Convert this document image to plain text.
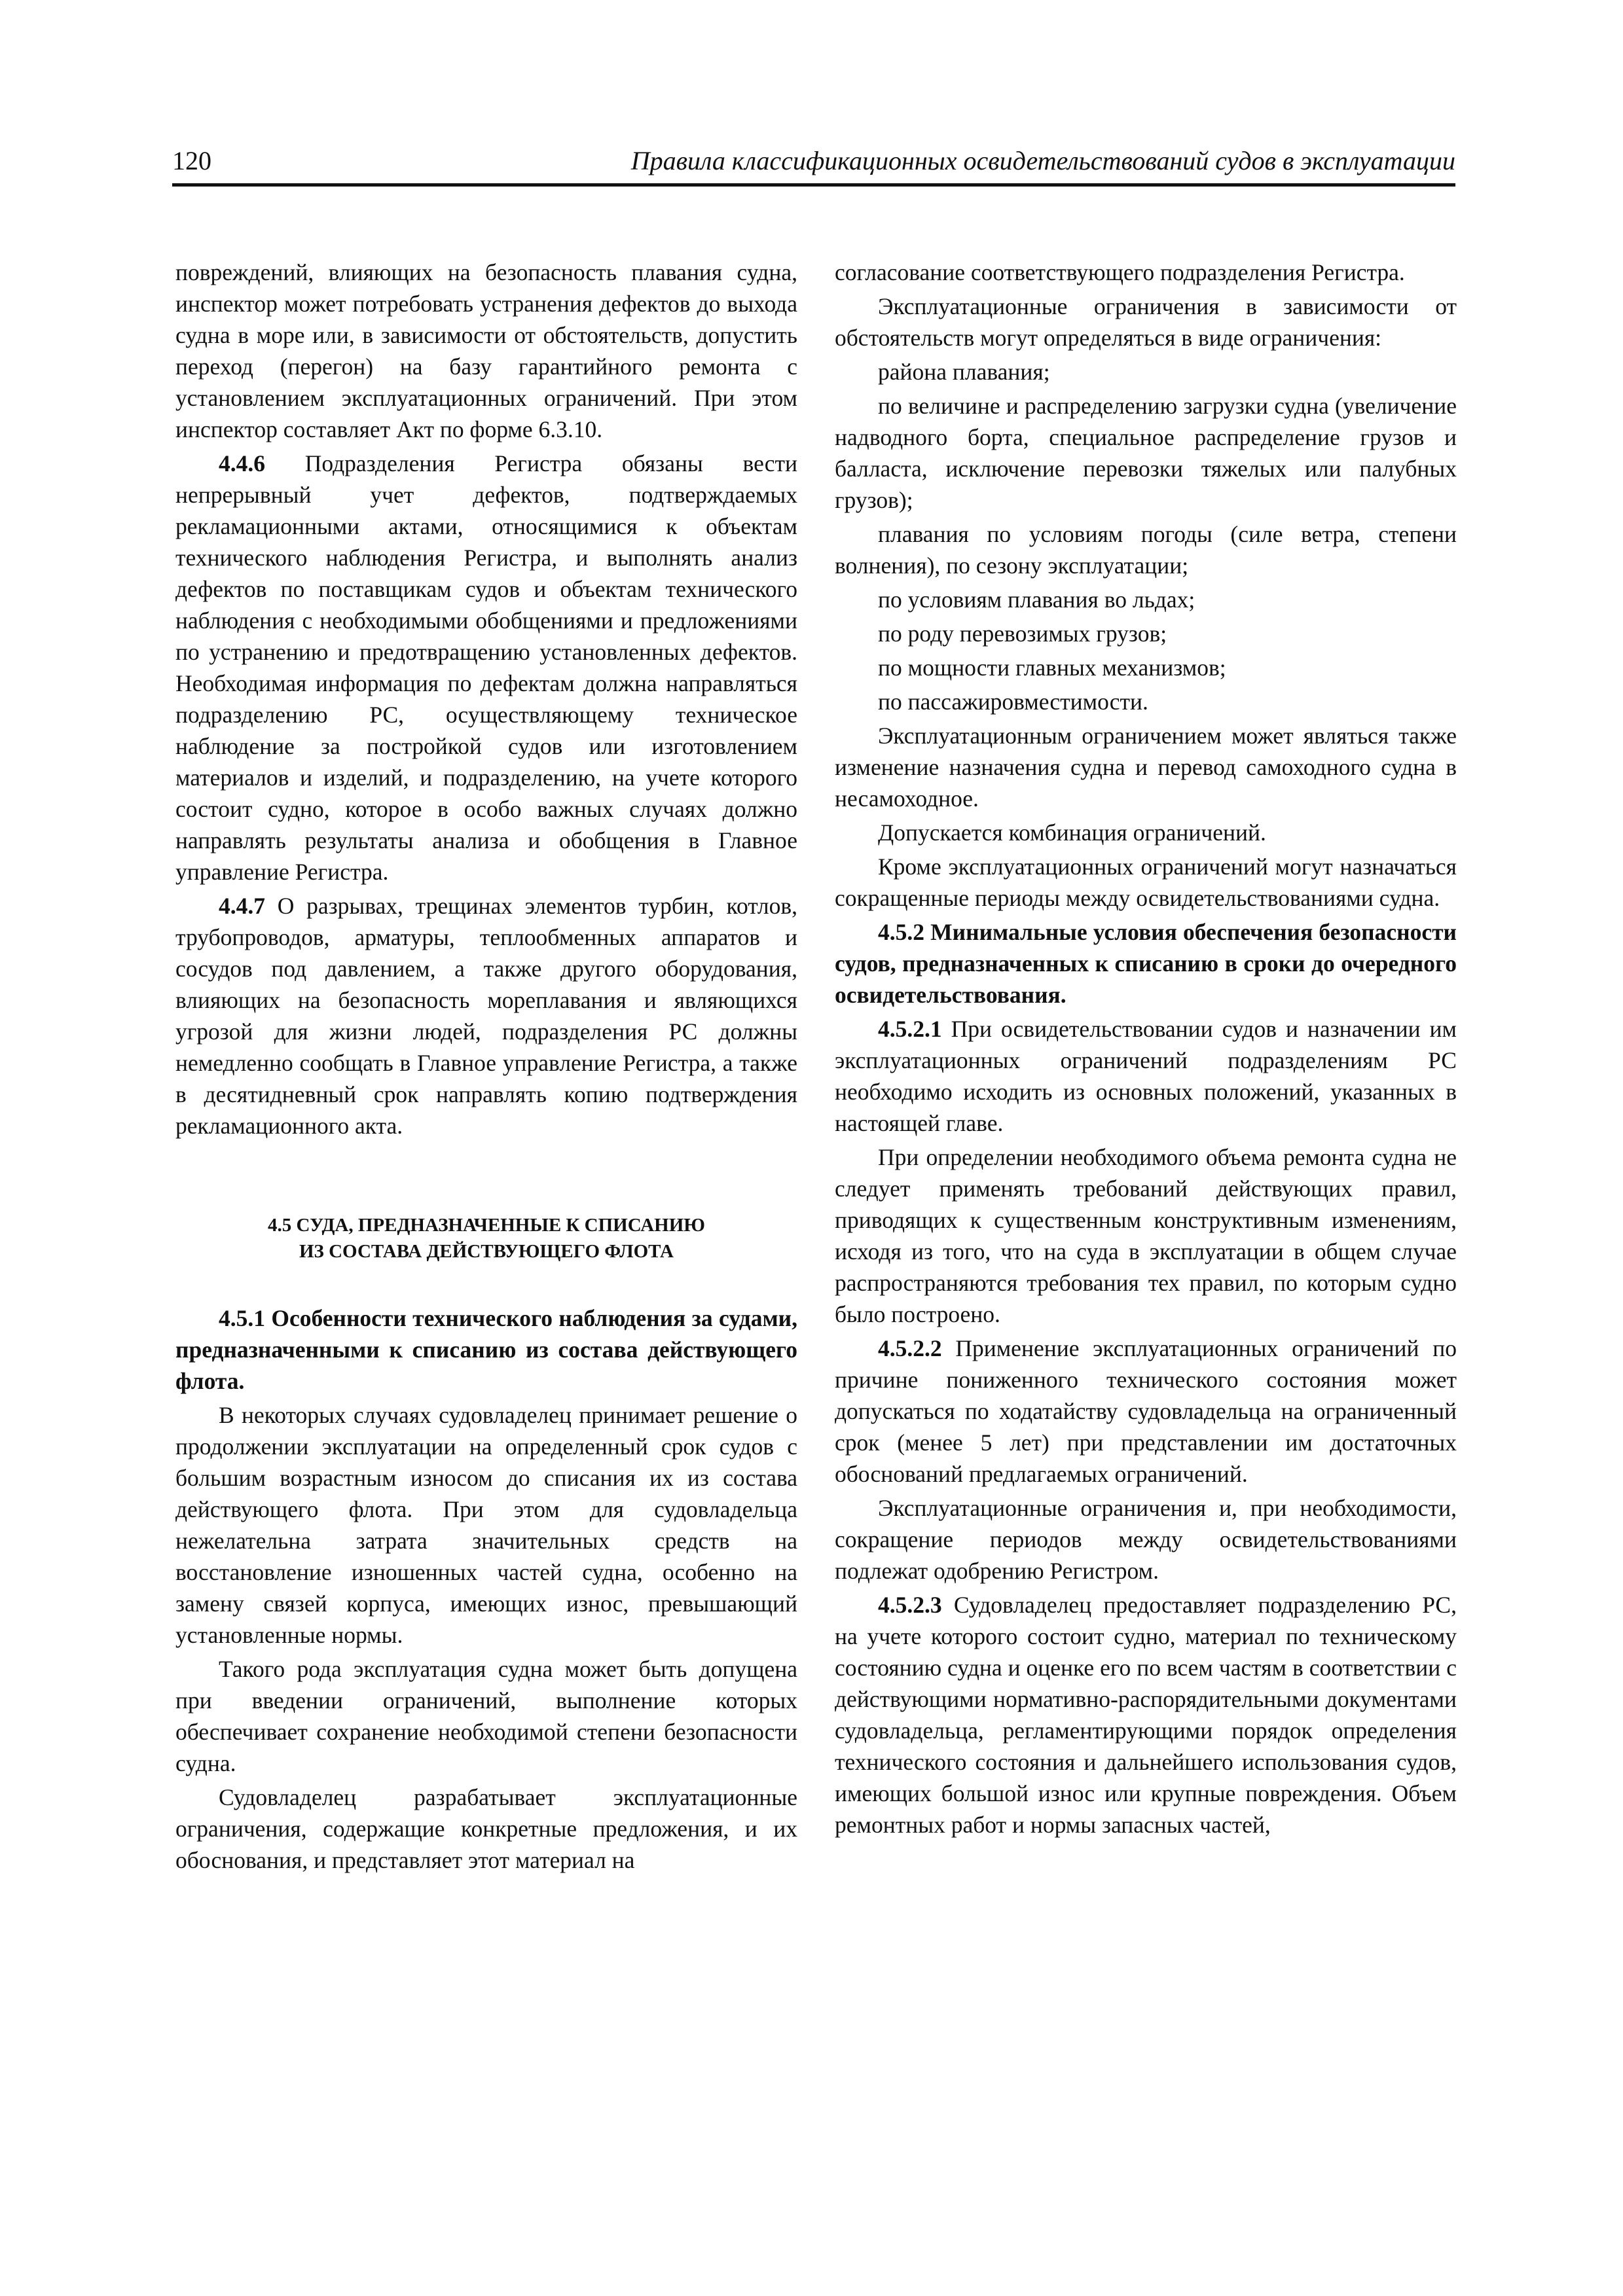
120	Правила классификационных освидетельствований судов в эксплуатации

повреждений, влияющих на безопасность плавания судна, инспектор может потребовать устранения дефектов до выхода судна в море или, в зависимости от обстоятельств, допустить переход (перегон) на базу гарантийного ремонта с установлением эксплуатационных ограничений. При этом инспектор составляет Акт по форме 6.3.10.

4.4.6 Подразделения Регистра обязаны вести непрерывный учет дефектов, подтверждаемых рекламационными актами, относящимися к объектам технического наблюдения Регистра, и выполнять анализ дефектов по поставщикам судов и объектам технического наблюдения с необходимыми обобщениями и предложениями по устранению и предотвращению установленных дефектов. Необходимая информация по дефектам должна направляться подразделению РС, осуществляющему техническое наблюдение за постройкой судов или изготовлением материалов и изделий, и подразделению, на учете которого состоит судно, которое в особо важных случаях должно направлять результаты анализа и обобщения в Главное управление Регистра.

4.4.7 О разрывах, трещинах элементов турбин, котлов, трубопроводов, арматуры, теплообменных аппаратов и сосудов под давлением, а также другого оборудования, влияющих на безопасность мореплавания и являющихся угрозой для жизни людей, подразделения РС должны немедленно сообщать в Главное управление Регистра, а также в десятидневный срок направлять копию подтверждения рекламационного акта.

4.5 СУДА, ПРЕДНАЗНАЧЕННЫЕ К СПИСАНИЮ
ИЗ СОСТАВА ДЕЙСТВУЮЩЕГО ФЛОТА

4.5.1 Особенности технического наблюдения за судами, предназначенными к списанию из состава действующего флота.

В некоторых случаях судовладелец принимает решение о продолжении эксплуатации на определенный срок судов с большим возрастным износом до списания их из состава действующего флота. При этом для судовладельца нежелательна затрата значительных средств на восстановление изношенных частей судна, особенно на замену связей корпуса, имеющих износ, превышающий установленные нормы.

Такого рода эксплуатация судна может быть допущена при введении ограничений, выполнение которых обеспечивает сохранение необходимой степени безопасности судна.

Судовладелец разрабатывает эксплуатационные ограничения, содержащие конкретные предложения, и их обоснования, и представляет этот материал на

согласование соответствующего подразделения Регистра.

Эксплуатационные ограничения в зависимости от обстоятельств могут определяться в виде ограничения:

района плавания;

по величине и распределению загрузки судна (увеличение надводного борта, специальное распределение грузов и балласта, исключение перевозки тяжелых или палубных грузов);

плавания по условиям погоды (силе ветра, степени волнения), по сезону эксплуатации;

по условиям плавания во льдах;

по роду перевозимых грузов;

по мощности главных механизмов;

по пассажировместимости.

Эксплуатационным ограничением может являться также изменение назначения судна и перевод самоходного судна в несамоходное.

Допускается комбинация ограничений.

Кроме эксплуатационных ограничений могут назначаться сокращенные периоды между освидетельствованиями судна.

4.5.2 Минимальные условия обеспечения безопасности судов, предназначенных к списанию в сроки до очередного освидетельствования.

4.5.2.1 При освидетельствовании судов и назначении им эксплуатационных ограничений подразделениям РС необходимо исходить из основных положений, указанных в настоящей главе.

При определении необходимого объема ремонта судна не следует применять требований действующих правил, приводящих к существенным конструктивным изменениям, исходя из того, что на суда в эксплуатации в общем случае распространяются требования тех правил, по которым судно было построено.

4.5.2.2 Применение эксплуатационных ограничений по причине пониженного технического состояния может допускаться по ходатайству судовладельца на ограниченный срок (менее 5 лет) при представлении им достаточных обоснований предлагаемых ограничений.

Эксплуатационные ограничения и, при необходимости, сокращение периодов между освидетельствованиями подлежат одобрению Регистром.

4.5.2.3 Судовладелец предоставляет подразделению РС, на учете которого состоит судно, материал по техническому состоянию судна и оценке его по всем частям в соответствии с действующими нормативно-распорядительными документами судовладельца, регламентирующими порядок определения технического состояния и дальнейшего использования судов, имеющих большой износ или крупные повреждения. Объем ремонтных работ и нормы запасных частей,
